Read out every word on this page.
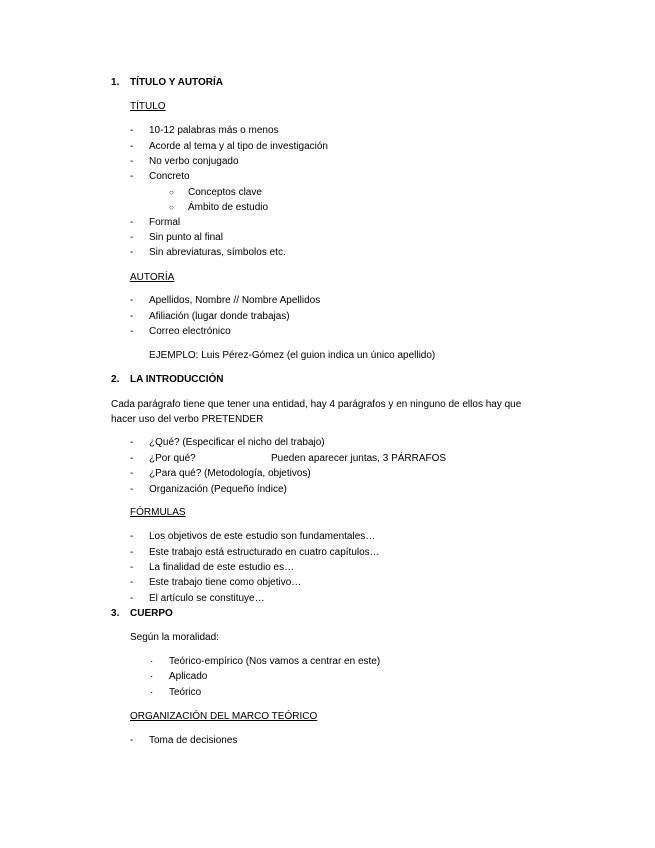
1. TÍTULO Y AUTORÍA
TÍTULO
- 10-12 palabras más o menos
- Acorde al tema y al tipo de investigación
- No verbo conjugado
- Concreto
○ Conceptos clave
○ Ámbito de estudio
- Formal
- Sin punto al final
- Sin abreviaturas, símbolos etc.
AUTORÍA
- Apellidos, Nombre // Nombre Apellidos
- Afiliación (lugar donde trabajas)
- Correo electrónico
EJEMPLO: Luis Pérez-Gómez (el guion indica un único apellido)
2. LA INTRODUCCIÓN
Cada parágrafo tiene que tener una entidad, hay 4 parágrafos y en ninguno de ellos hay que
hacer uso del verbo PRETENDER
- ¿Qué? (Especificar el nicho del trabajo)
- ¿Por qué?	Pueden aparecer juntas, 3 PÁRRAFOS
- ¿Para qué? (Metodología, objetivos)
- Organización (Pequeño índice)
FÓRMULAS
- Los objetivos de este estudio son fundamentales…
- Este trabajo está estructurado en cuatro capítulos…
- La finalidad de este estudio es…
- Este trabajo tiene como objetivo…
- El artículo se constituye…
3. CUERPO
Según la moralidad:
· Teórico-empírico (Nos vamos a centrar en este)
· Aplicado
· Teórico
ORGANIZACIÓN DEL MARCO TEÓRICO
- Toma de decisiones
